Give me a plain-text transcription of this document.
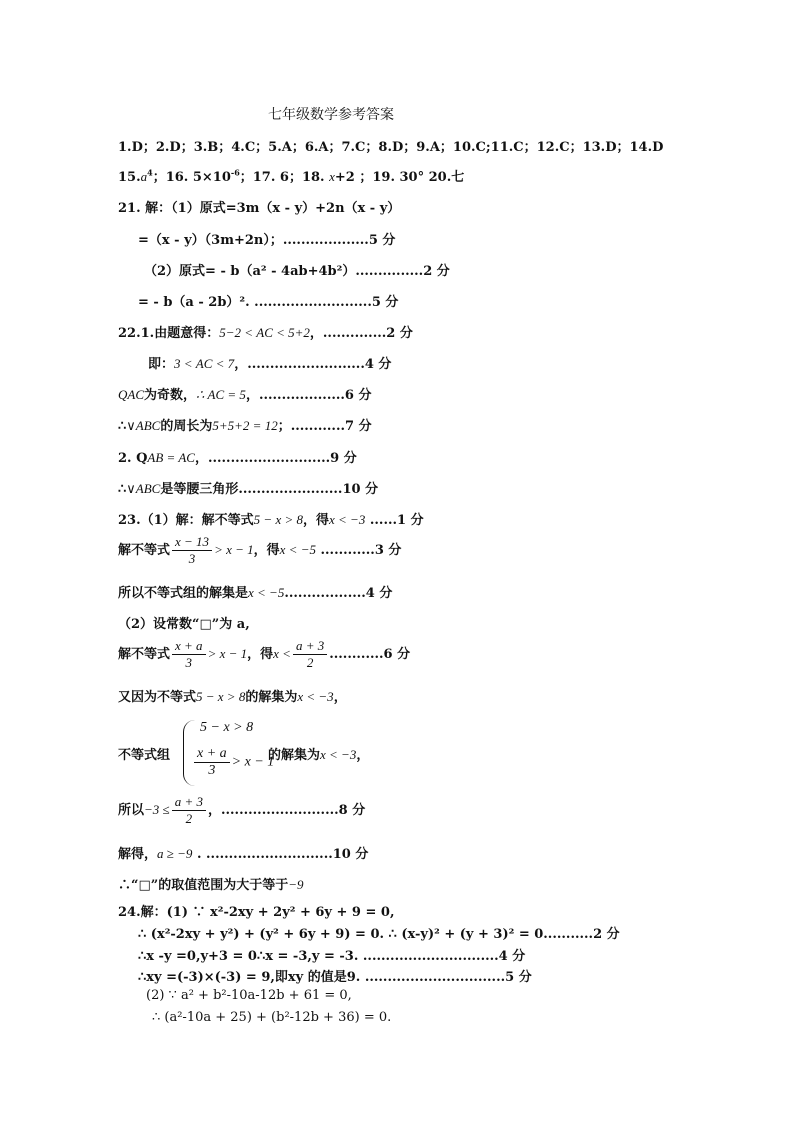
七年级数学参考答案
1.D；2.D；3.B；4.C；5.A；6.A；7.C；8.D；9.A；10.C;11.C；12.C；13.D；14.D
$15.a^4$；16. $5\times 10^{-6}$；17. 6；18. x+2 ；19. 30° 20.七
21. 解：（1）原式=3m（x - y）+2n（x - y）
=（x - y）（3m+2n）；...................5 分
（2）原式= - b（a² - 4ab+4b²）...............2 分
= - b（a - 2b）². ..........................5 分
22.1.由题意得：5−2 < AC < 5+2，..............2 分
即：3 < AC < 7，..........................4 分
QAC为奇数，∴ AC = 5，...................6 分
∴∨ABC的周长为5+5+2 = 12；............7 分
2. QAB = AC，...........................9 分
∴∨ABC是等腰三角形.......................10 分
23.（1）解：解不等式5 − x > 8，得x < −3 ......1 分
解不等式 $\frac{x - 13}{3} > x - 1$，得x < −5 ............3 分
所以不等式组的解集是x < −5..................4 分
（2）设常数“□”为 a,
解不等式 $\frac{x + a}{3} > x - 1$，得$x < \frac{a + 3}{2} ............6$ 分
又因为不等式5 − x > 8的解集为x < −3，
不等式组
5 − x > 8
$\frac{x + a}{3} > x - 1$
的解集为x < −3，
所以$-3 \le \frac{a + 3}{2}$ ，..........................8 分
解得，a ≥ −9 . ............................10 分
∴“□”的取值范围为大于等于−9
24.解：(1) ∵ x²-2xy + 2y² + 6y + 9 = 0,
∴ (x²-2xy + y²) + (y² + 6y + 9) = 0. ∴ (x-y)² + (y + 3)² = 0...........2 分
∴x -y =0,y+3 = 0∴x = -3,y = -3. ..............................4 分
∴xy =(-3)×(-3) = 9,即xy 的值是9. ...............................5 分
(2) ∵ a² + b²-10a-12b + 61 = 0,
∴ (a²-10a + 25) + (b²-12b + 36) = 0.
